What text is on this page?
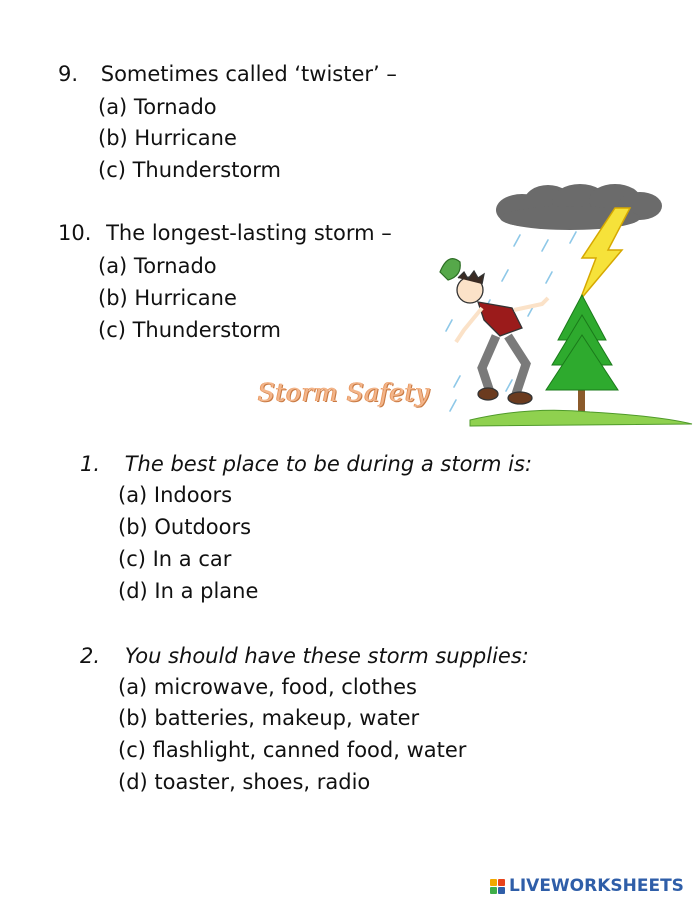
9. Sometimes called ‘twister’ –
(a) Tornado
(b) Hurricane
(c) Thunderstorm
10. The longest-lasting storm –
(a) Tornado
(b) Hurricane
(c) Thunderstorm
Storm Safety
1. The best place to be during a storm is:
(a) Indoors
(b) Outdoors
(c) In a car
(d) In a plane
2. You should have these storm supplies:
(a) microwave, food, clothes
(b) batteries, makeup, water
(c) flashlight, canned food, water
(d) toaster, shoes, radio
LIVEWORKSHEETS
